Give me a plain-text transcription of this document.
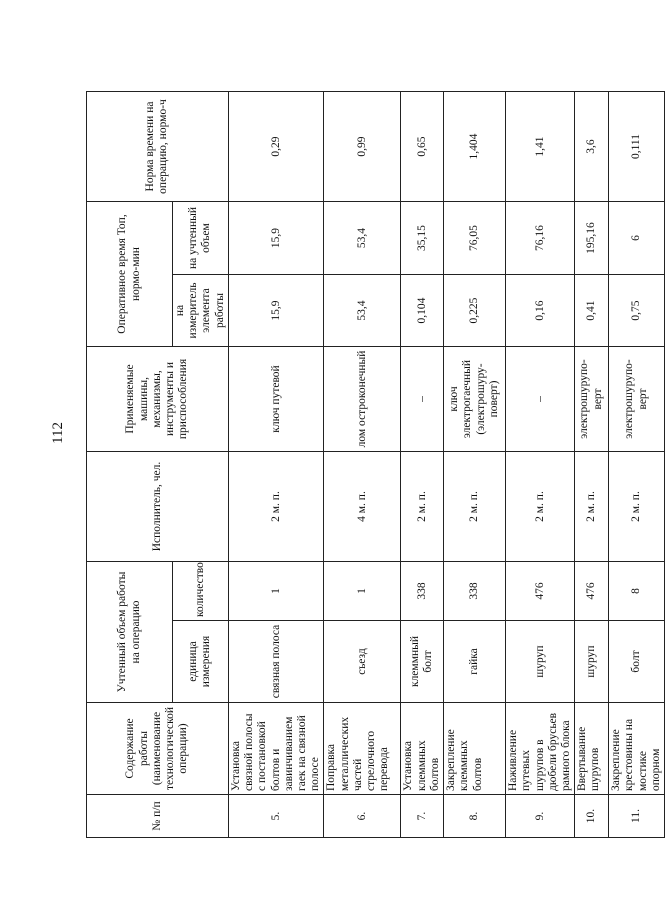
112
№ п/п	Содержание работы (наименование технологической операции)	Учтенный объем работы на операцию		Исполнитель, чел.	Применяемые машины, механизмы, инструменты и приспособления	Оперативное время Топ, нормо-мин		Норма времени на операцию, нормо-ч
		единица измерения	количество			на измеритель элемента работы	на учтенный объем	
5.	Установка связной полосы с постановкой болтов и завинчиванием гаек на связной полосе	связная полоса	1	2 м. п.	ключ путевой	15,9	15,9	0,29
6.	Поправка металлических частей стрелочного перевода	съезд	1	4 м. п.	лом остроконечный	53,4	53,4	0,99
7.	Установка клеммных болтов	клеммный болт	338	2 м. п.	–	0,104	35,15	0,65
8.	Закрепление клеммных болтов	гайка	338	2 м. п.	ключ электрогаечный (электрошуру-поверт)	0,225	76,05	1,404
9.	Наживление путевых шурупов в дюбели брусьев рамного блока	шуруп	476	2 м. п.	–	0,16	76,16	1,41
10.	Ввертывание шурупов	шуруп	476	2 м. п.	электрошурупо-верт	0,41	195,16	3,6
11.	Закрепление крестовины на мостике опорном	болт	8	2 м. п.	электрошурупо-верт	0,75	6	0,111
